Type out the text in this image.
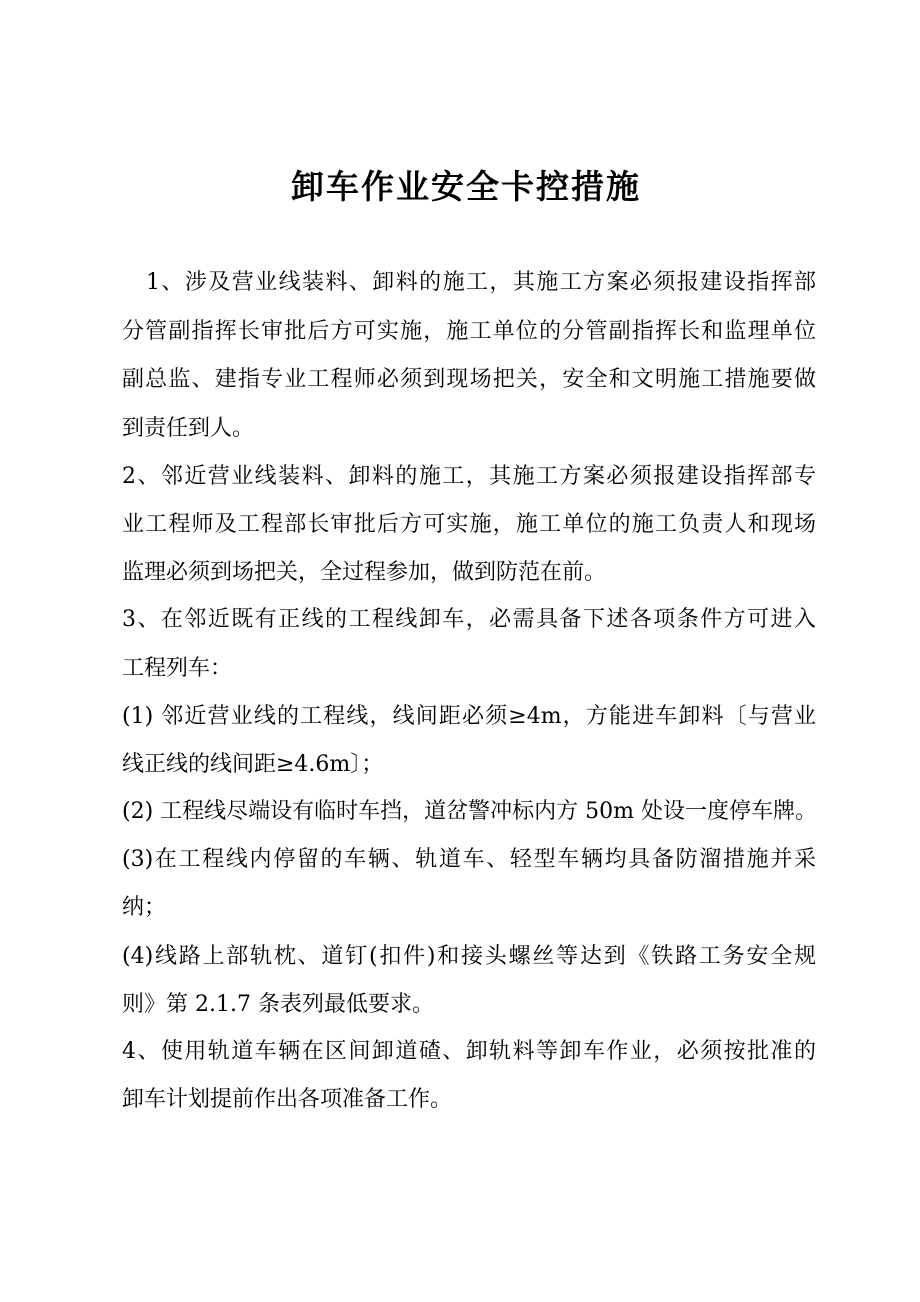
卸车作业安全卡控措施
1、涉及营业线装料、卸料的施工，其施工方案必须报建设指挥部
分管副指挥长审批后方可实施，施工单位的分管副指挥长和监理单位
副总监、建指专业工程师必须到现场把关，安全和文明施工措施要做
到责任到人。
2、邻近营业线装料、卸料的施工，其施工方案必须报建设指挥部专
业工程师及工程部长审批后方可实施，施工单位的施工负责人和现场
监理必须到场把关，全过程参加，做到防范在前。
3、在邻近既有正线的工程线卸车，必需具备下述各项条件方可进入
工程列车：
(1) 邻近营业线的工程线，线间距必须≥4m，方能进车卸料〔与营业
线正线的线间距≥4.6m〕；
(2) 工程线尽端设有临时车挡，道岔警冲标内方 50m 处设一度停车牌。
(3)在工程线内停留的车辆、轨道车、轻型车辆均具备防溜措施并采
纳；
(4)线路上部轨枕、道钉(扣件)和接头螺丝等达到《铁路工务安全规
则》第 2.1.7 条表列最低要求。
4、使用轨道车辆在区间卸道碴、卸轨料等卸车作业，必须按批准的
卸车计划提前作出各项准备工作。
